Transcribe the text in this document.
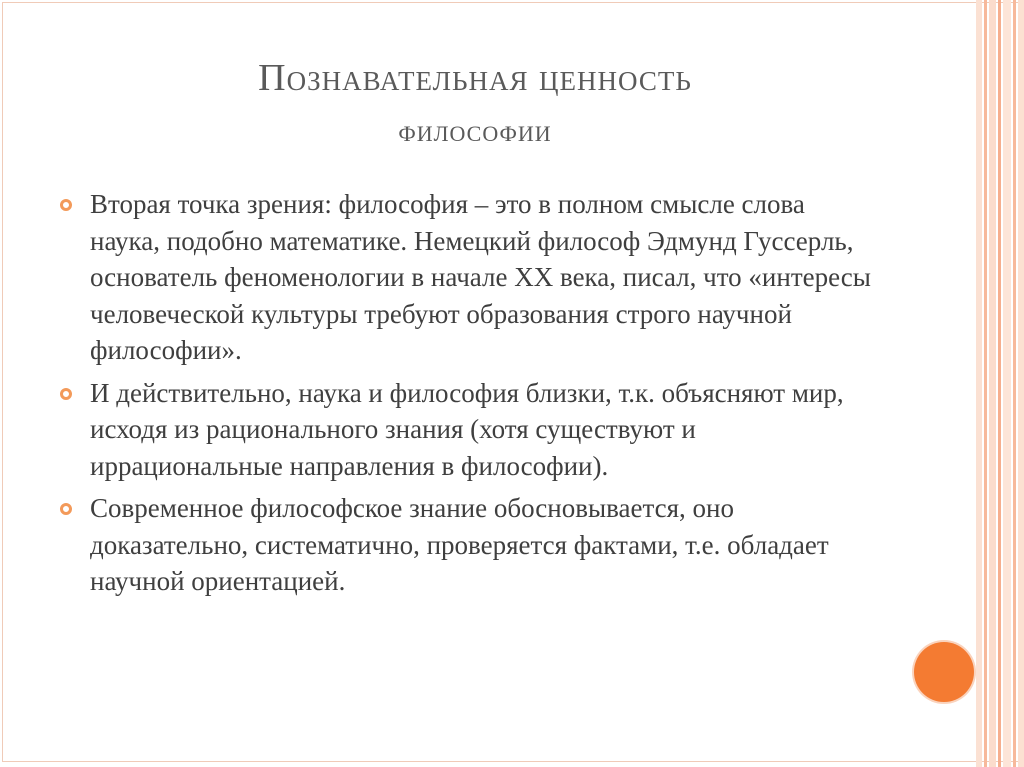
Познавательная ценность
философии
Вторая точка зрения: философия – это в полном смысле слова наука, подобно математике. Немецкий философ Эдмунд Гуссерль, основатель феноменологии в начале XX века, писал, что «интересы человеческой культуры требуют образования строго научной философии».
И действительно, наука и философия близки, т.к. объясняют мир, исходя из рационального знания (хотя существуют и иррациональные направления в философии).
Современное философское знание обосновывается, оно доказательно, систематично, проверяется фактами, т.е. обладает научной ориентацией.
